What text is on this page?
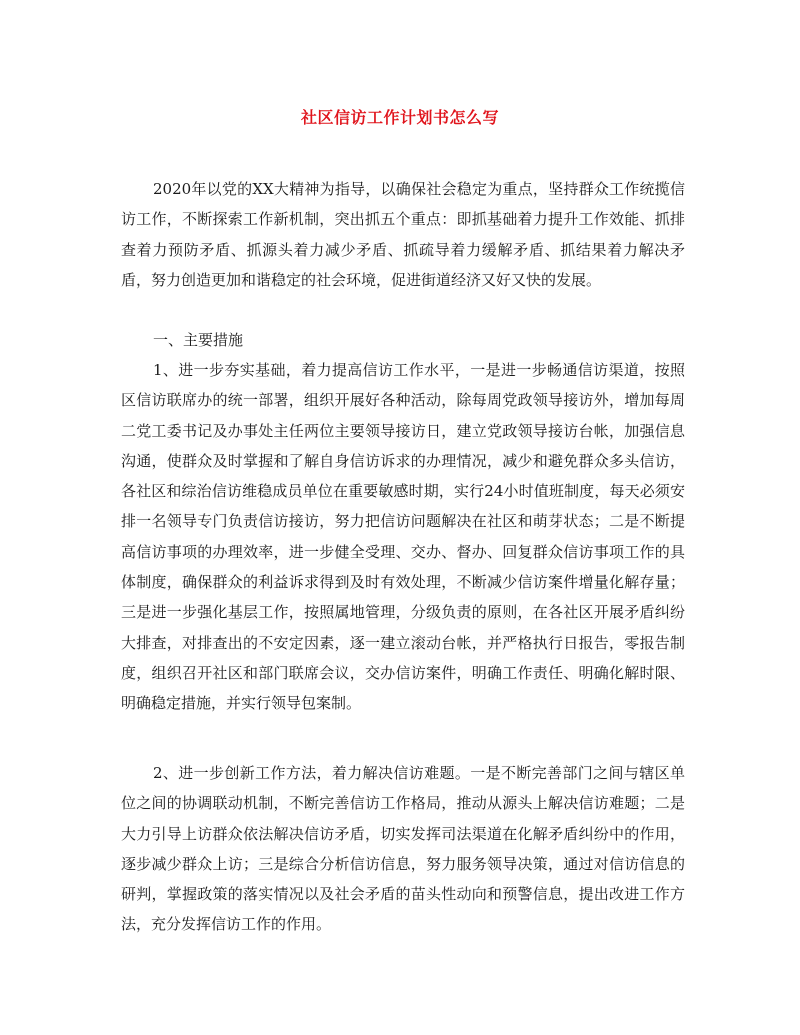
社区信访工作计划书怎么写

2020年以党的XX大精神为指导，以确保社会稳定为重点，坚持群众工作统揽信访工作，不断探索工作新机制，突出抓五个重点：即抓基础着力提升工作效能、抓排查着力预防矛盾、抓源头着力减少矛盾、抓疏导着力缓解矛盾、抓结果着力解决矛盾，努力创造更加和谐稳定的社会环境，促进街道经济又好又快的发展。

一、主要措施

1、进一步夯实基础，着力提高信访工作水平，一是进一步畅通信访渠道，按照区信访联席办的统一部署，组织开展好各种活动，除每周党政领导接访外，增加每周二党工委书记及办事处主任两位主要领导接访日，建立党政领导接访台帐，加强信息沟通，使群众及时掌握和了解自身信访诉求的办理情况，减少和避免群众多头信访，各社区和综治信访维稳成员单位在重要敏感时期，实行24小时值班制度，每天必须安排一名领导专门负责信访接访，努力把信访问题解决在社区和萌芽状态；二是不断提高信访事项的办理效率，进一步健全受理、交办、督办、回复群众信访事项工作的具体制度，确保群众的利益诉求得到及时有效处理，不断减少信访案件增量化解存量；三是进一步强化基层工作，按照属地管理，分级负责的原则，在各社区开展矛盾纠纷大排查，对排查出的不安定因素，逐一建立滚动台帐，并严格执行日报告，零报告制度，组织召开社区和部门联席会议，交办信访案件，明确工作责任、明确化解时限、明确稳定措施，并实行领导包案制。

2、进一步创新工作方法，着力解决信访难题。一是不断完善部门之间与辖区单位之间的协调联动机制，不断完善信访工作格局，推动从源头上解决信访难题；二是大力引导上访群众依法解决信访矛盾，切实发挥司法渠道在化解矛盾纠纷中的作用，逐步减少群众上访；三是综合分析信访信息，努力服务领导决策，通过对信访信息的研判，掌握政策的落实情况以及社会矛盾的苗头性动向和预警信息，提出改进工作方法，充分发挥信访工作的作用。
